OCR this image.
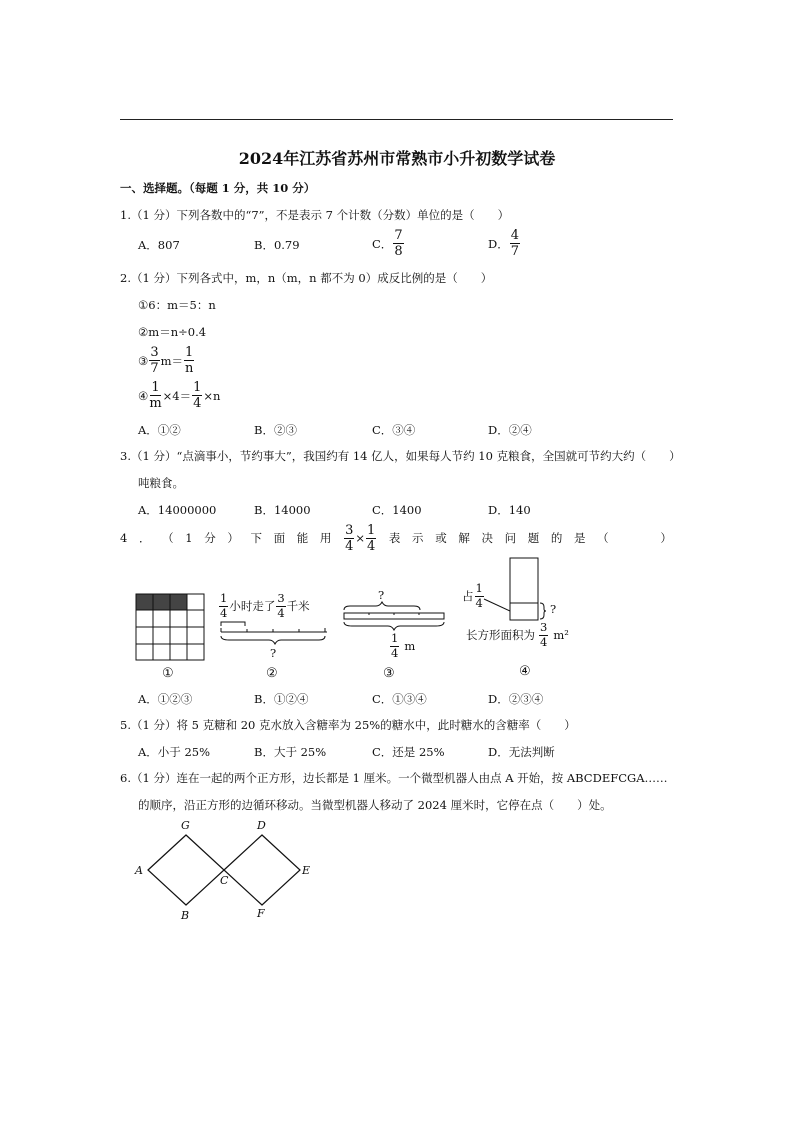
2024年江苏省苏州市常熟市小升初数学试卷
一、选择题。（每题 1 分，共 10 分）
1.（1 分）下列各数中的“7”，不是表示 7 个计数（分数）单位的是（　　）
A．807	B．0.79	C． $\frac{7}{8}$	D． $\frac{4}{7}$
2.（1 分）下列各式中，m，n（m，n 都不为 0）成反比例的是（　　）
①6：m＝5：n
②m＝n÷0.4
③ $\frac{3}{7} m= \frac{1}{n}$
④ $\frac{1}{m} \times 4= \frac{1}{4} \times n$
A．①②	B．②③	C．③④	D．②④
3.（1 分）“点滴事小，节约事大”，我国约有 14 亿人，如果每人节约 10 克粮食，全国就可节约大约（　　）
吨粮食。
A．14000000	B．14000	C．1400	D．140
4 ． （ 1 分 ） 下 面 能 用 $\frac{3}{4} \times \frac{1}{4}$ 表 示 或 解 决 问 题 的 是 （	）
$\frac{1}{4}$ 小时走了 $\frac{3}{4}$ 千米
?
?
$\frac{1}{4}$ m
占 $\frac{1}{4}$	?
长方形面积为 $\frac{3}{4} m^2$
①	②	③	④
A．①②③	B．①②④	C．①③④	D．②③④
5.（1 分）将 5 克糖和 20 克水放入含糖率为 25%的糖水中，此时糖水的含糖率（　　）
A．小于 25%	B．大于 25%	C．还是 25%	D．无法判断
6.（1 分）连在一起的两个正方形，边长都是 1 厘米。一个微型机器人由点 A 开始，按 ABCDEFCGA……
的顺序，沿正方形的边循环移动。当微型机器人移动了 2024 厘米时，它停在点（　　）处。
G	D
A
C
E
B	F
